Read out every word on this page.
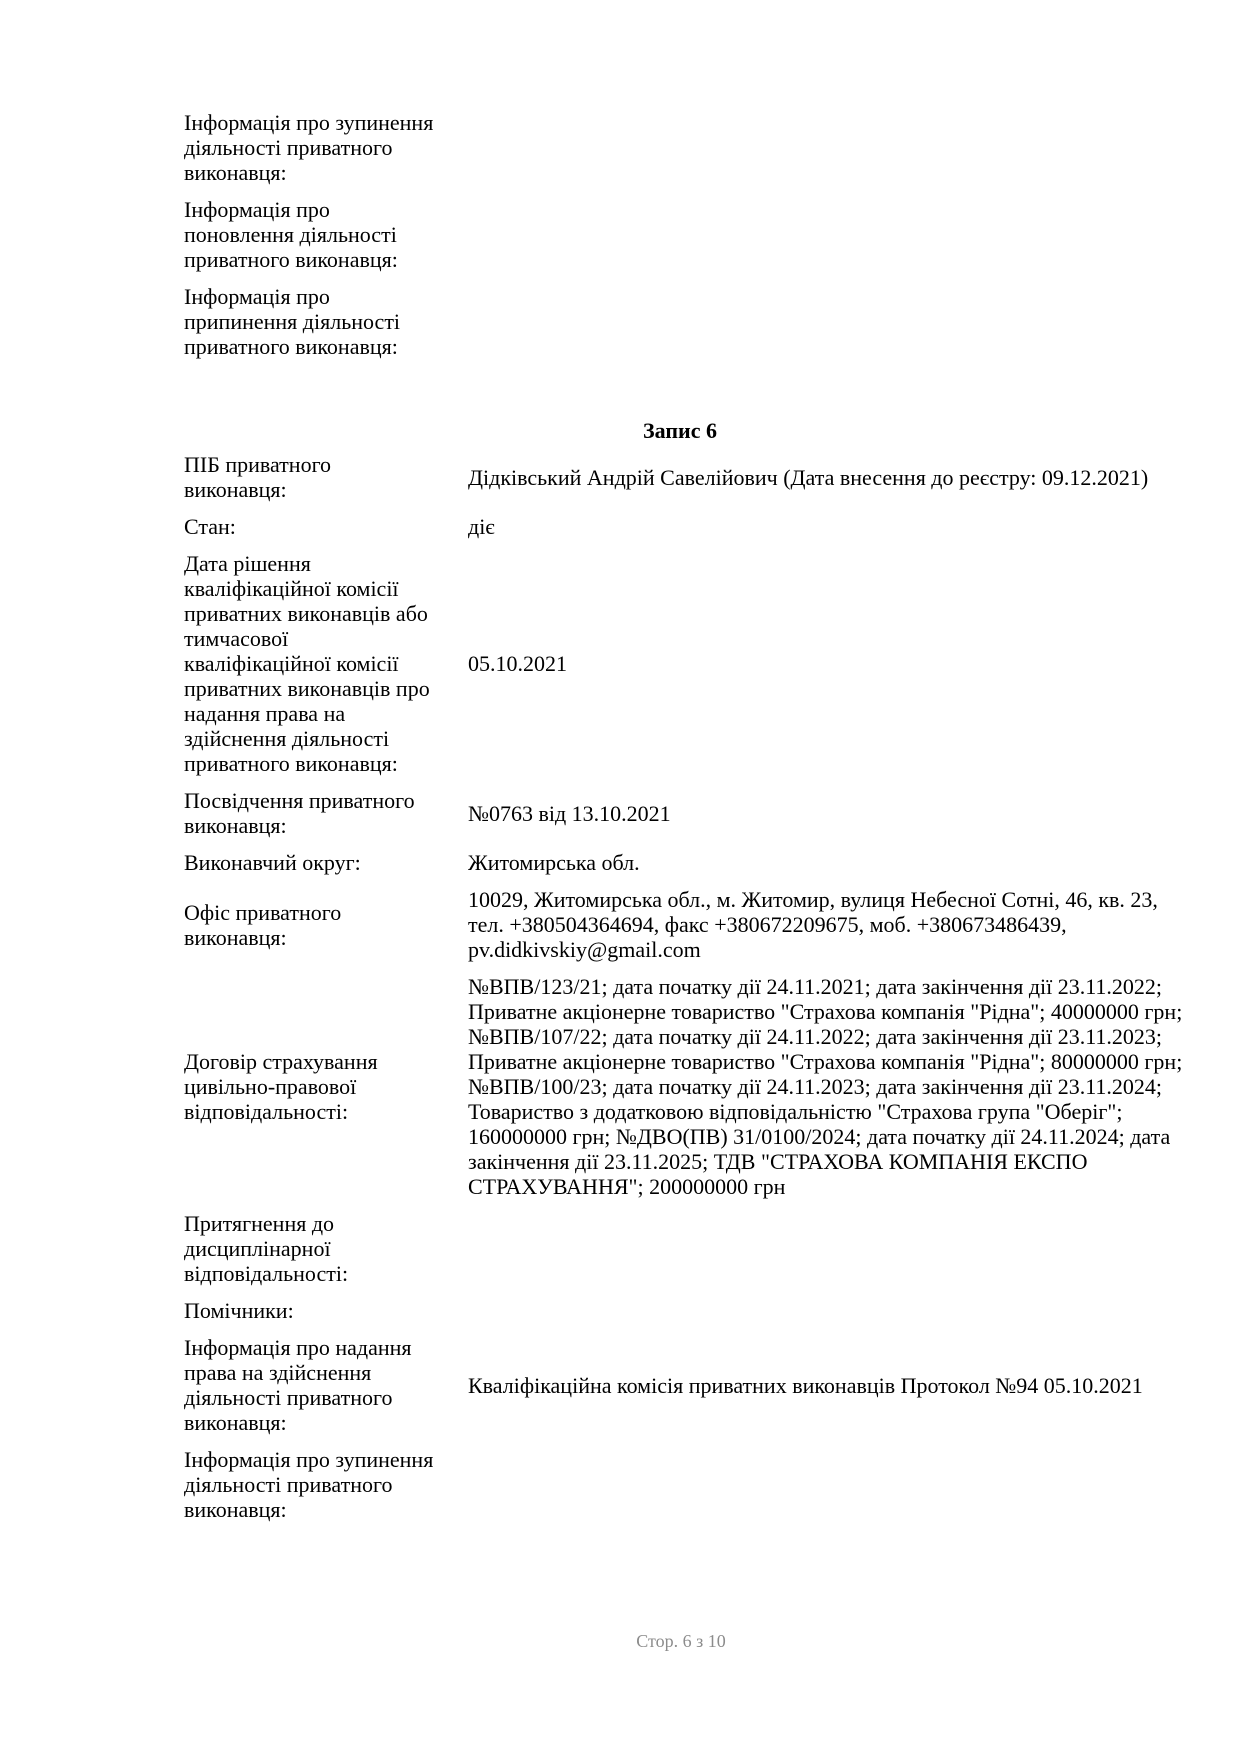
Інформація про зупинення діяльності приватного виконавця:
Інформація про поновлення діяльності приватного виконавця:
Інформація про припинення діяльності приватного виконавця:
Запис 6
ПІБ приватного виконавця:	Дідківський Андрій Савелійович (Дата внесення до реєстру: 09.12.2021)
Стан:	діє
Дата рішення кваліфікаційної комісії приватних виконавців або тимчасової кваліфікаційної комісії приватних виконавців про надання права на здійснення діяльності приватного виконавця:
05.10.2021
Посвідчення приватного виконавця:	№0763 від 13.10.2021
Виконавчий округ:	Житомирська обл.
Офіс приватного виконавця:
10029, Житомирська обл., м. Житомир, вулиця Небесної Сотні, 46, кв. 23, тел. +380504364694, факс +380672209675, моб. +380673486439, pv.didkivskiy@gmail.com
Договір страхування цивільно-правової відповідальності:
№ВПВ/123/21; дата початку дії 24.11.2021; дата закінчення дії 23.11.2022; Приватне акціонерне товариство "Страхова компанія "Рідна"; 40000000 грн; №ВПВ/107/22; дата початку дії 24.11.2022; дата закінчення дії 23.11.2023; Приватне акціонерне товариство "Страхова компанія "Рідна"; 80000000 грн; №ВПВ/100/23; дата початку дії 24.11.2023; дата закінчення дії 23.11.2024; Товариство з додатковою відповідальністю "Страхова група "Оберіг"; 160000000 грн; №ДВО(ПВ) 31/0100/2024; дата початку дії 24.11.2024; дата закінчення дії 23.11.2025; ТДВ "СТРАХОВА КОМПАНІЯ ЕКСПО СТРАХУВАННЯ"; 200000000 грн
Притягнення до дисциплінарної відповідальності:
Помічники:
Інформація про надання права на здійснення діяльності приватного виконавця:
Кваліфікаційна комісія приватних виконавців Протокол №94 05.10.2021
Інформація про зупинення діяльності приватного виконавця:
Стор. 6 з 10
